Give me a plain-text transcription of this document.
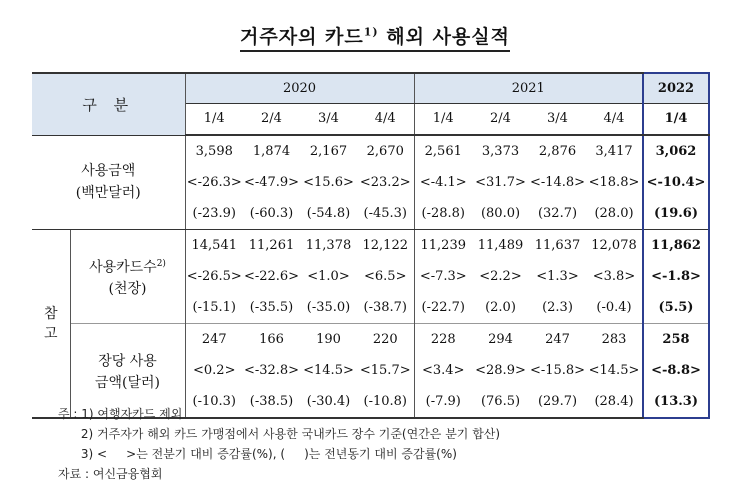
거주자의 카드$^{1)}$ 해외 사용실적
구 분		2020				2021				2022
		1/4	2/4	3/4	4/4	1/4	2/4	3/4	4/4	1/4
사용금액
(백만달러)		3,598	1,874	2,167	2,670	2,561	3,373	2,876	3,417	3,062
		<-26.3>	<-47.9>	<15.6>	<23.2>	<-4.1>	<31.7>	<-14.8>	<18.8>	<-10.4>
		(-23.9)	(-60.3)	(-54.8)	(-45.3)	(-28.8)	(80.0)	(32.7)	(28.0)	(19.6)
참
고	사용카드수$^{2)}$
(천장)	14,541	11,261	11,378	12,122	11,239	11,489	11,637	12,078	11,862
		<-26.5>	<-22.6>	<1.0>	<6.5>	<-7.3>	<2.2>	<1.3>	<3.8>	<-1.8>
		(-15.1)	(-35.5)	(-35.0)	(-38.7)	(-22.7)	(2.0)	(2.3)	(-0.4)	(5.5)
	장당 사용
금액(달러)	247	166	190	220	228	294	247	283	258
		<0.2>	<-32.8>	<14.5>	<15.7>	<3.4>	<28.9>	<-15.8>	<14.5>	<-8.8>
		(-10.3)	(-38.5)	(-30.4)	(-10.8)	(-7.9)	(76.5)	(29.7)	(28.4)	(13.3)
주 : 1) 여행자카드 제외
2) 거주자가 해외 카드 가맹점에서 사용한 국내카드 장수 기준(연간은 분기 합산)
3) <     >는 전분기 대비 증감률(%), (     )는 전년동기 대비 증감률(%)
자료 : 여신금융협회
